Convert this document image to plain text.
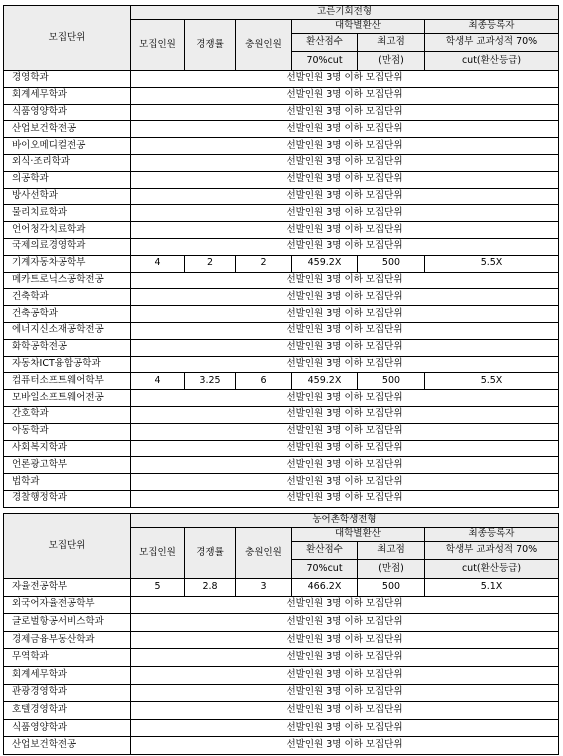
모집단위	고른기회전형					
	모집인원	경쟁률	충원인원	대학별환산		최종등록자
				환산점수	최고점	학생부 교과성적 70%
				70%cut	(만점)	cut(환산등급)
경영학과	선발인원 3명 이하 모집단위					
회계세무학과	선발인원 3명 이하 모집단위					
식품영양학과	선발인원 3명 이하 모집단위					
산업보건학전공	선발인원 3명 이하 모집단위					
바이오메디컬전공	선발인원 3명 이하 모집단위					
외식·조리학과	선발인원 3명 이하 모집단위					
의공학과	선발인원 3명 이하 모집단위					
방사선학과	선발인원 3명 이하 모집단위					
물리치료학과	선발인원 3명 이하 모집단위					
언어청각치료학과	선발인원 3명 이하 모집단위					
국제의료경영학과	선발인원 3명 이하 모집단위					
기계자동차공학부	4	2	2	459.2X	500	5.5X
메카트로닉스공학전공	선발인원 3명 이하 모집단위					
건축학과	선발인원 3명 이하 모집단위					
건축공학과	선발인원 3명 이하 모집단위					
에너지신소재공학전공	선발인원 3명 이하 모집단위					
화학공학전공	선발인원 3명 이하 모집단위					
자동차ICT융합공학과	선발인원 3명 이하 모집단위					
컴퓨터소프트웨어학부	4	3.25	6	459.2X	500	5.5X
모바일소프트웨어전공	선발인원 3명 이하 모집단위					
간호학과	선발인원 3명 이하 모집단위					
아동학과	선발인원 3명 이하 모집단위					
사회복지학과	선발인원 3명 이하 모집단위					
언론광고학부	선발인원 3명 이하 모집단위					
법학과	선발인원 3명 이하 모집단위					
경찰행정학과	선발인원 3명 이하 모집단위					
모집단위	농어촌학생전형					
	모집인원	경쟁률	충원인원	대학별환산		최종등록자
				환산점수	최고점	학생부 교과성적 70%
				70%cut	(만점)	cut(환산등급)
자율전공학부	5	2.8	3	466.2X	500	5.1X
외국어자율전공학부	선발인원 3명 이하 모집단위					
글로벌항공서비스학과	선발인원 3명 이하 모집단위					
경제금융부동산학과	선발인원 3명 이하 모집단위					
무역학과	선발인원 3명 이하 모집단위					
회계세무학과	선발인원 3명 이하 모집단위					
관광경영학과	선발인원 3명 이하 모집단위					
호텔경영학과	선발인원 3명 이하 모집단위					
식품영양학과	선발인원 3명 이하 모집단위					
산업보건학전공	선발인원 3명 이하 모집단위					
